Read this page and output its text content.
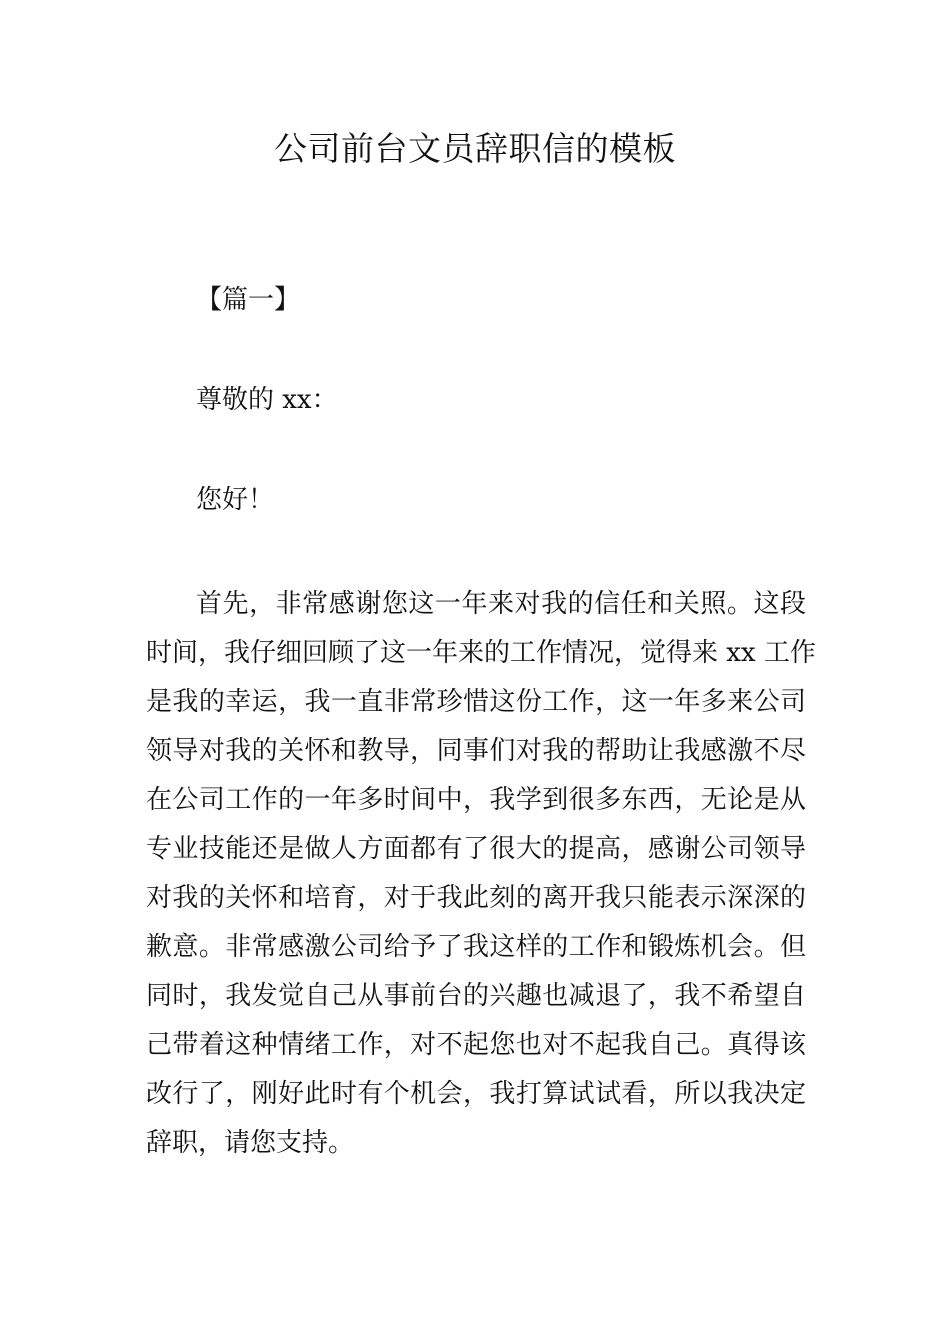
公司前台文员辞职信的模板
【篇一】
尊敬的 xx：
您好！
首先，非常感谢您这一年来对我的信任和关照。这段
时间，我仔细回顾了这一年来的工作情况，觉得来 xx 工作
是我的幸运，我一直非常珍惜这份工作，这一年多来公司
领导对我的关怀和教导，同事们对我的帮助让我感激不尽
在公司工作的一年多时间中，我学到很多东西，无论是从
专业技能还是做人方面都有了很大的提高，感谢公司领导
对我的关怀和培育，对于我此刻的离开我只能表示深深的
歉意。非常感激公司给予了我这样的工作和锻炼机会。但
同时，我发觉自己从事前台的兴趣也减退了，我不希望自
己带着这种情绪工作，对不起您也对不起我自己。真得该
改行了，刚好此时有个机会，我打算试试看，所以我决定
辞职，请您支持。
